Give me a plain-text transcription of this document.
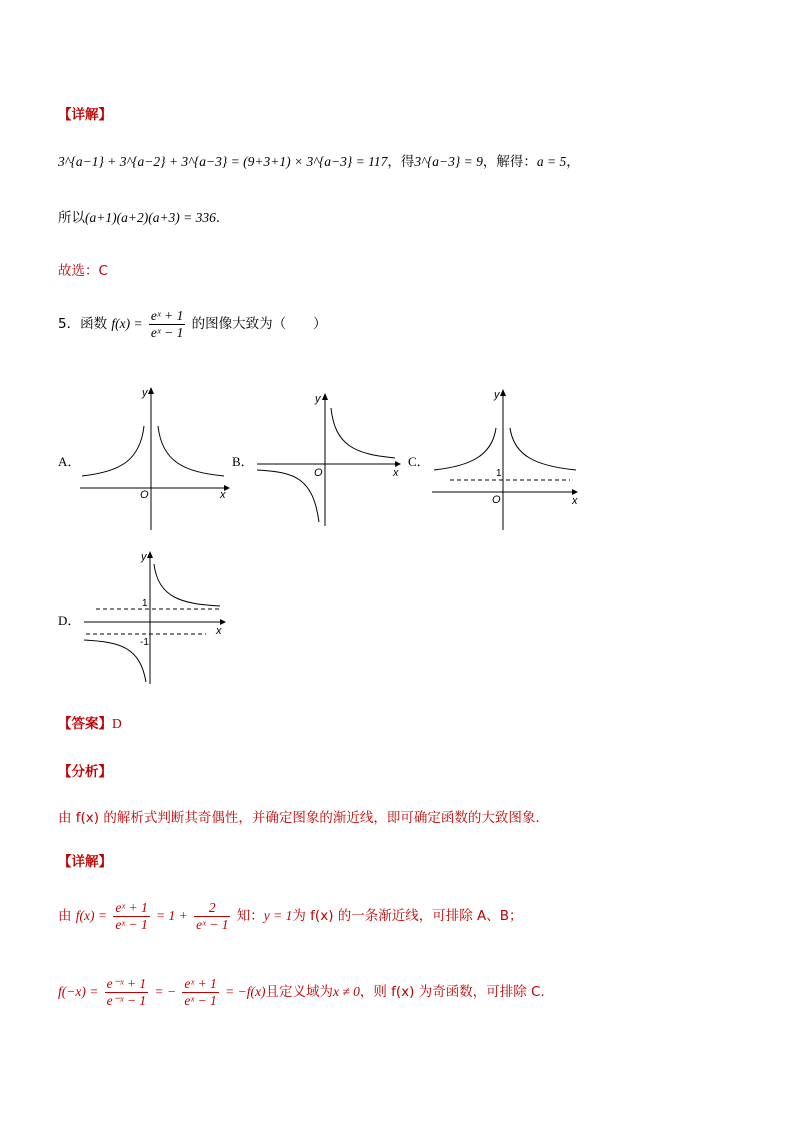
【详解】
3^{a−1} + 3^{a−2} + 3^{a−3} = (9+3+1) × 3^{a−3} = 117，得3^{a−3} = 9，解得：a = 5，
所以(a+1)(a+2)(a+3) = 336.
故选：C
5．函数 $f(x) = \frac{\text{eˣ + 1}}{\text{eˣ − 1}}$ 的图像大致为（　　）
A．
y
x
O
B．
y
x
O
C．
y
x
O
1
D．
y
x
1
-1
【答案】D
【分析】
由 f(x) 的解析式判断其奇偶性，并确定图象的渐近线，即可确定函数的大致图象.
【详解】
由 $f(x) = \frac{\text{eˣ + 1}}{\text{eˣ − 1}} = 1 + \frac{2}{\text{eˣ − 1}}$ 知：y = 1为 f(x) 的一条渐近线，可排除 A、B；
$f(-x) = \frac{\text{e⁻ˣ + 1}}{\text{e⁻ˣ − 1}}$ = − $\frac{\text{eˣ + 1}}{\text{eˣ − 1}} = -f(x)$且定义域为x ≠ 0，则 f(x) 为奇函数，可排除 C.
